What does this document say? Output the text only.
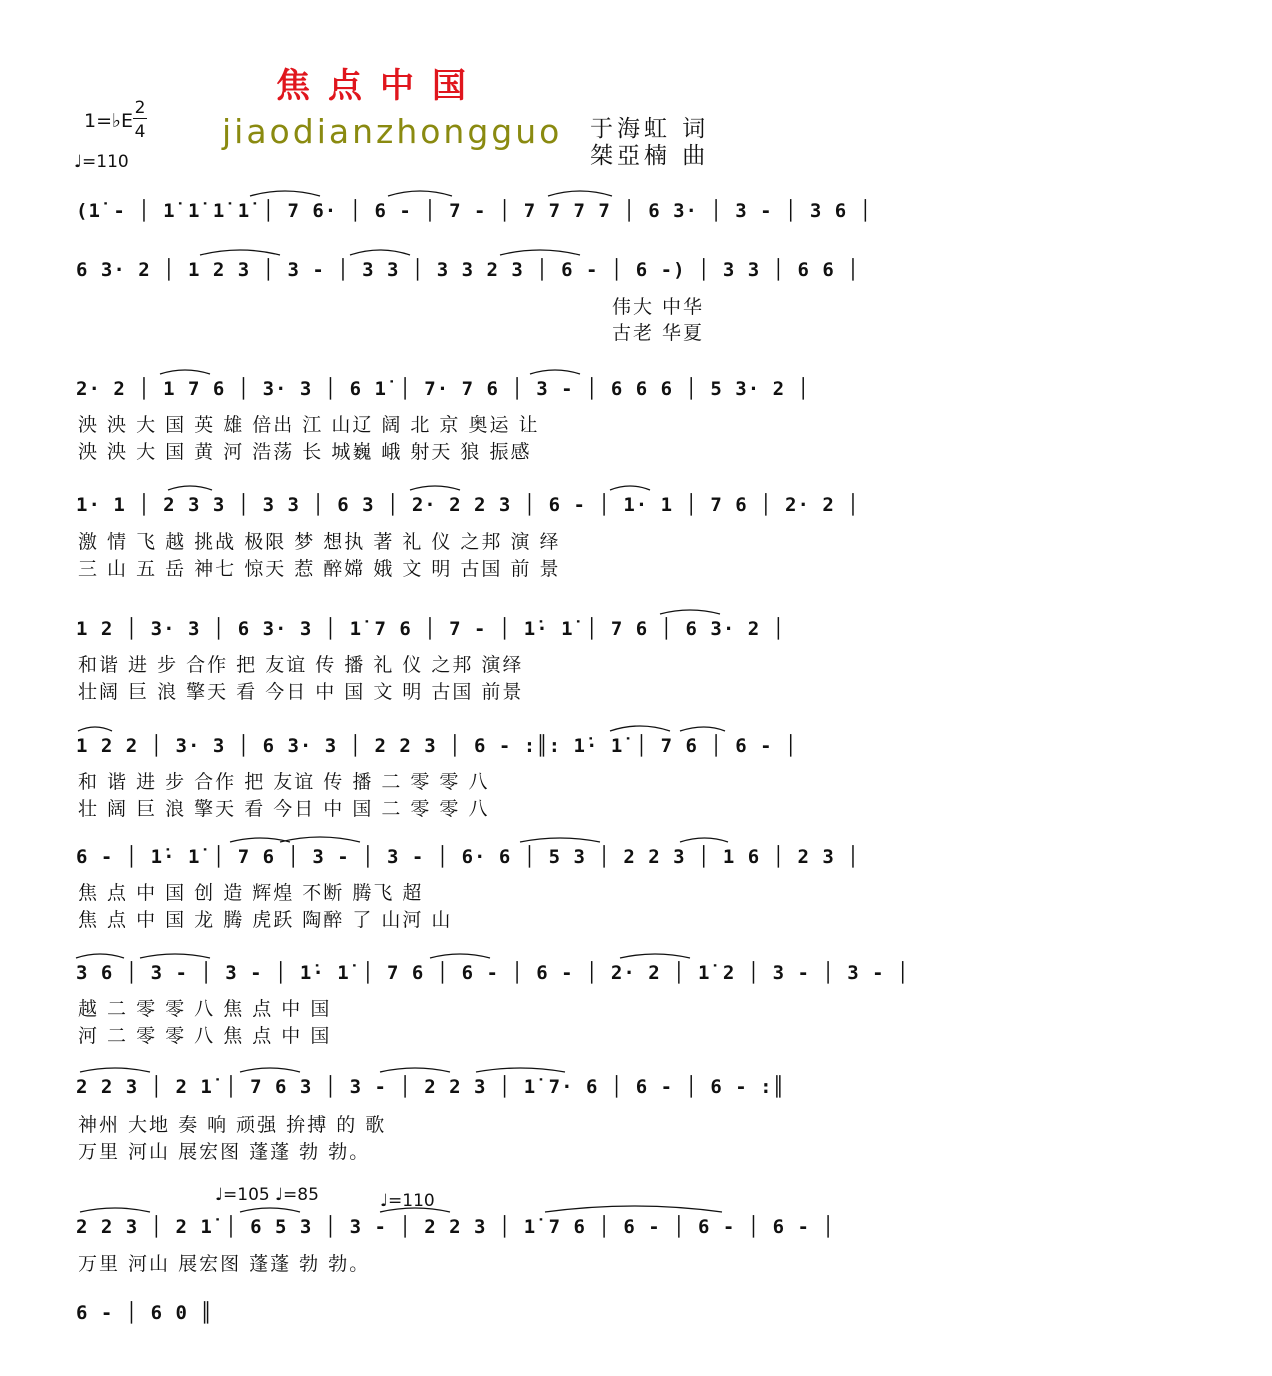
焦点中国
jiaodianzhongguo
1=♭E
2
4
♩=110
于海虹 词
桀亞楠 曲
(1̇ - │ 1̇ 1̇ 1̇ 1̇ │ 7 6· │ 6 - │ 7 - │ 7 7 7 7 │ 6 3· │ 3 - │ 3 6 │
6 3· 2 │ 1 2 3 │ 3 - │ 3 3 │ 3 3 2 3 │ 6 - │ 6 -) │ 3 3 │ 6 6 │
伟大 中华
古老 华夏
2· 2 │ 1 7 6 │ 3· 3 │ 6 1̇ │ 7· 7 6 │ 3 - │ 6 6 6 │ 5 3· 2 │
泱 泱 大 国 英 雄 倍出 江 山辽 阔 北 京 奥运 让
泱 泱 大 国 黄 河 浩荡 长 城巍 峨 射天 狼 振感
1· 1 │ 2 3 3 │ 3 3 │ 6 3 │ 2· 2 2 3 │ 6 - │ 1· 1 │ 7 6 │ 2· 2 │
激 情 飞 越 挑战 极限 梦 想执 著 礼 仪 之邦 演 绎
三 山 五 岳 神七 惊天 惹 醉嫦 娥 文 明 古国 前 景
1 2 │ 3· 3 │ 6 3· 3 │ 1̇ 7 6 │ 7 - │ 1̇· 1̇ │ 7 6 │ 6 3· 2 │
和谐 进 步 合作 把 友谊 传 播 礼 仪 之邦 演绎
壮阔 巨 浪 擎天 看 今日 中 国 文 明 古国 前景
1 2 2 │ 3· 3 │ 6 3· 3 │ 2 2 3 │ 6 - :║: 1̇· 1̇ │ 7 6 │ 6 - │
和 谐 进 步 合作 把 友谊 传 播 二 零 零 八
壮 阔 巨 浪 擎天 看 今日 中 国 二 零 零 八
6 - │ 1̇· 1̇ │ 7 6 │ 3 - │ 3 - │ 6· 6 │ 5 3 │ 2 2 3 │ 1 6 │ 2 3 │
焦 点 中 国 创 造 辉煌 不断 腾飞 超
焦 点 中 国 龙 腾 虎跃 陶醉 了 山河 山
3 6 │ 3 - │ 3 - │ 1̇· 1̇ │ 7 6 │ 6 - │ 6 - │ 2· 2 │ 1̇ 2 │ 3 - │ 3 - │
越 二 零 零 八 焦 点 中 国
河 二 零 零 八 焦 点 中 国
2 2 3 │ 2 1̇ │ 7 6 3 │ 3 - │ 2 2 3 │ 1̇ 7· 6 │ 6 - │ 6 - :║
神州 大地 奏 响 顽强 拚搏 的 歌
万里 河山 展宏图 蓬蓬 勃 勃。
♩=105 ♩=85	♩=110
2 2 3 │ 2 1̇ │ 6 5 3 │ 3 - │ 2 2 3 │ 1̇ 7 6 │ 6 - │ 6 - │ 6 - │
万里 河山 展宏图 蓬蓬 勃 勃。
6 - │ 6 0 ║
